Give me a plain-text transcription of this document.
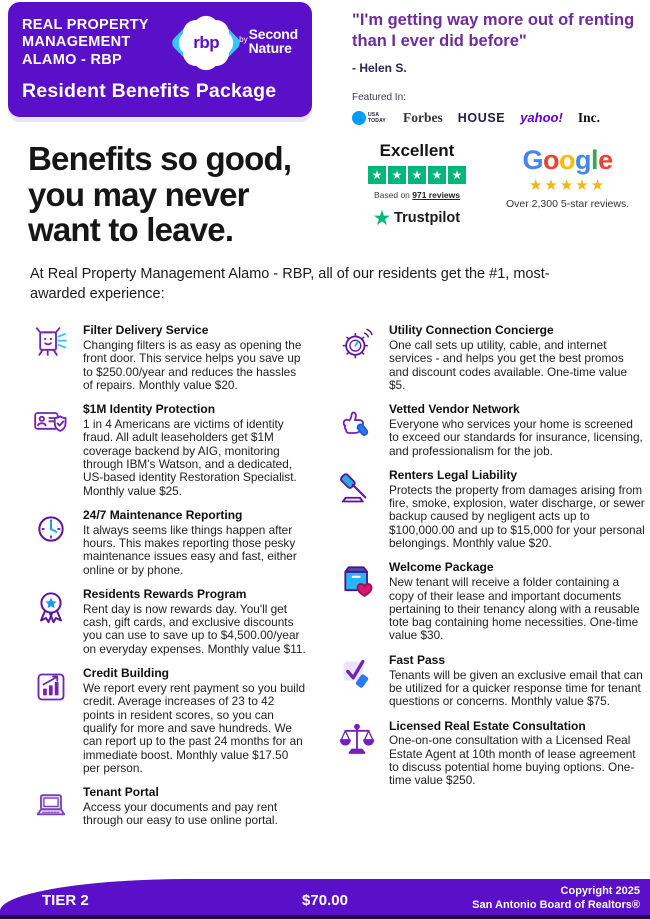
REAL PROPERTY
MANAGEMENT
ALAMO - RBP
rbp	$^{by}$Second
Nature
Resident Benefits Package
Benefits so good,
you may never
want to leave.
"I'm getting way more out of renting than I ever did before"
- Helen S.
Featured In:
USA TODAY Forbes HOUSE yahoo! Inc.
Excellent
★
★
★
★
★
Based on 971 reviews
★
Trustpilot
Google
★★★★★
Over 2,300 5-star reviews.

At Real Property Management Alamo - RBP, all of our residents get the #1, most-awarded experience:

Filter Delivery Service
Changing filters is as easy as opening the front door. This service helps you save up to $250.00/year and reduces the hassles of repairs. Monthly value $20.
$1M Identity Protection
1 in 4 Americans are victims of identity fraud. All adult leaseholders get $1M coverage backend by AIG, monitoring through IBM's Watson, and a dedicated, US-based identity Restoration Specialist. Monthly value $25.
24/7 Maintenance Reporting
It always seems like things happen after hours. This makes reporting those pesky maintenance issues easy and fast, either online or by phone.
Residents Rewards Program
Rent day is now rewards day. You'll get cash, gift cards, and exclusive discounts you can use to save up to $4,500.00/year on everyday expenses. Monthly value $11.
Credit Building
We report every rent payment so you build credit. Average increases of 23 to 42 points in resident scores, so you can qualify for more and save hundreds. We can report up to the past 24 months for an immediate boost. Monthly value $17.50 per person.
Tenant Portal
Access your documents and pay rent through our easy to use online portal.
Utility Connection Concierge
One call sets up utility, cable, and internet services - and helps you get the best promos and discount codes available. One-time value $5.
Vetted Vendor Network
Everyone who services your home is screened to exceed our standards for insurance, licensing, and professionalism for the job.
Renters Legal Liability
Protects the property from damages arising from fire, smoke, explosion, water discharge, or sewer backup caused by negligent acts up to $100,000.00 and up to $15,000 for your personal belongings. Monthly value $20.
Welcome Package
New tenant will receive a folder containing a copy of their lease and important documents pertaining to their tenancy along with a reusable tote bag containing home necessities. One-time value $30.
Fast Pass
Tenants will be given an exclusive email that can be utilized for a quicker response time for tenant questions or concerns. Monthly value $75.
Licensed Real Estate Consultation
One-on-one consultation with a Licensed Real Estate Agent at 10th month of lease agreement to discuss potential home buying options. One-time value $250.
TIER 2	$70.00
Copyright 2025
San Antonio Board of Realtors®
